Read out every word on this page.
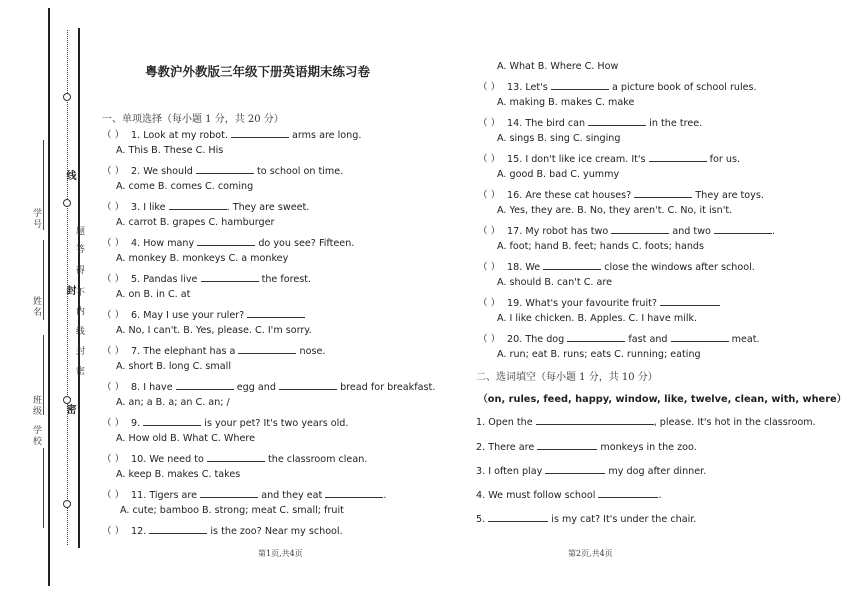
线
封
密
题
答
得
不
内
线
封
密
学号
姓名
班级
学校
粤教沪外教版三年级下册英语期末练习卷
一、单项选择（每小题 1 分，共 20 分）
（ ） 1. Look at my robot.	arms are long.
A. This B. These C. His
（ ） 2. We should	to school on time.
A. come B. comes C. coming
（ ） 3. I like	. They are sweet.
A. carrot B. grapes C. hamburger
（ ） 4. How many	do you see? Fifteen.
A. monkey B. monkeys C. a monkey
（ ） 5. Pandas live	the forest.
A. on B. in C. at
（ ） 6. May I use your ruler?
A. No, I can't. B. Yes, please. C. I'm sorry.
（ ） 7. The elephant has a	nose.
A. short B. long C. small
（ ） 8. I have	egg and	bread for breakfast.
A. an; a B. a; an C. an; /
（ ） 9.	is your pet? It's two years old.
A. How old B. What C. Where
（ ） 10. We need to	the classroom clean.
A. keep B. makes C. takes
（ ） 11. Tigers are	and they eat	.
A. cute; bamboo B. strong; meat C. small; fruit
（ ） 12.	is the zoo? Near my school.
A. What B. Where C. How
（ ） 13. Let's	a picture book of school rules.
A. making B. makes C. make
（ ） 14. The bird can	in the tree.
A. sings B. sing C. singing
（ ） 15. I don't like ice cream. It's	for us.
A. good B. bad C. yummy
（ ） 16. Are these cat houses?	They are toys.
A. Yes, they are. B. No, they aren't. C. No, it isn't.
（ ） 17. My robot has two	and two	.
A. foot; hand B. feet; hands C. foots; hands
（ ） 18. We	close the windows after school.
A. should B. can't C. are
（ ） 19. What's your favourite fruit?
A. I like chicken. B. Apples. C. I have milk.
（ ） 20. The dog	fast and	meat.
A. run; eat B. runs; eats C. running; eating
二、选词填空（每小题 1 分，共 10 分）
（on, rules, feed, happy, window, like, twelve, clean, with, where）
1. Open the	, please. It's hot in the classroom.
2. There are	monkeys in the zoo.
3. I often play	my dog after dinner.
4. We must follow school	.
5.	is my cat? It's under the chair.
第1页,共4页	第2页,共4页
